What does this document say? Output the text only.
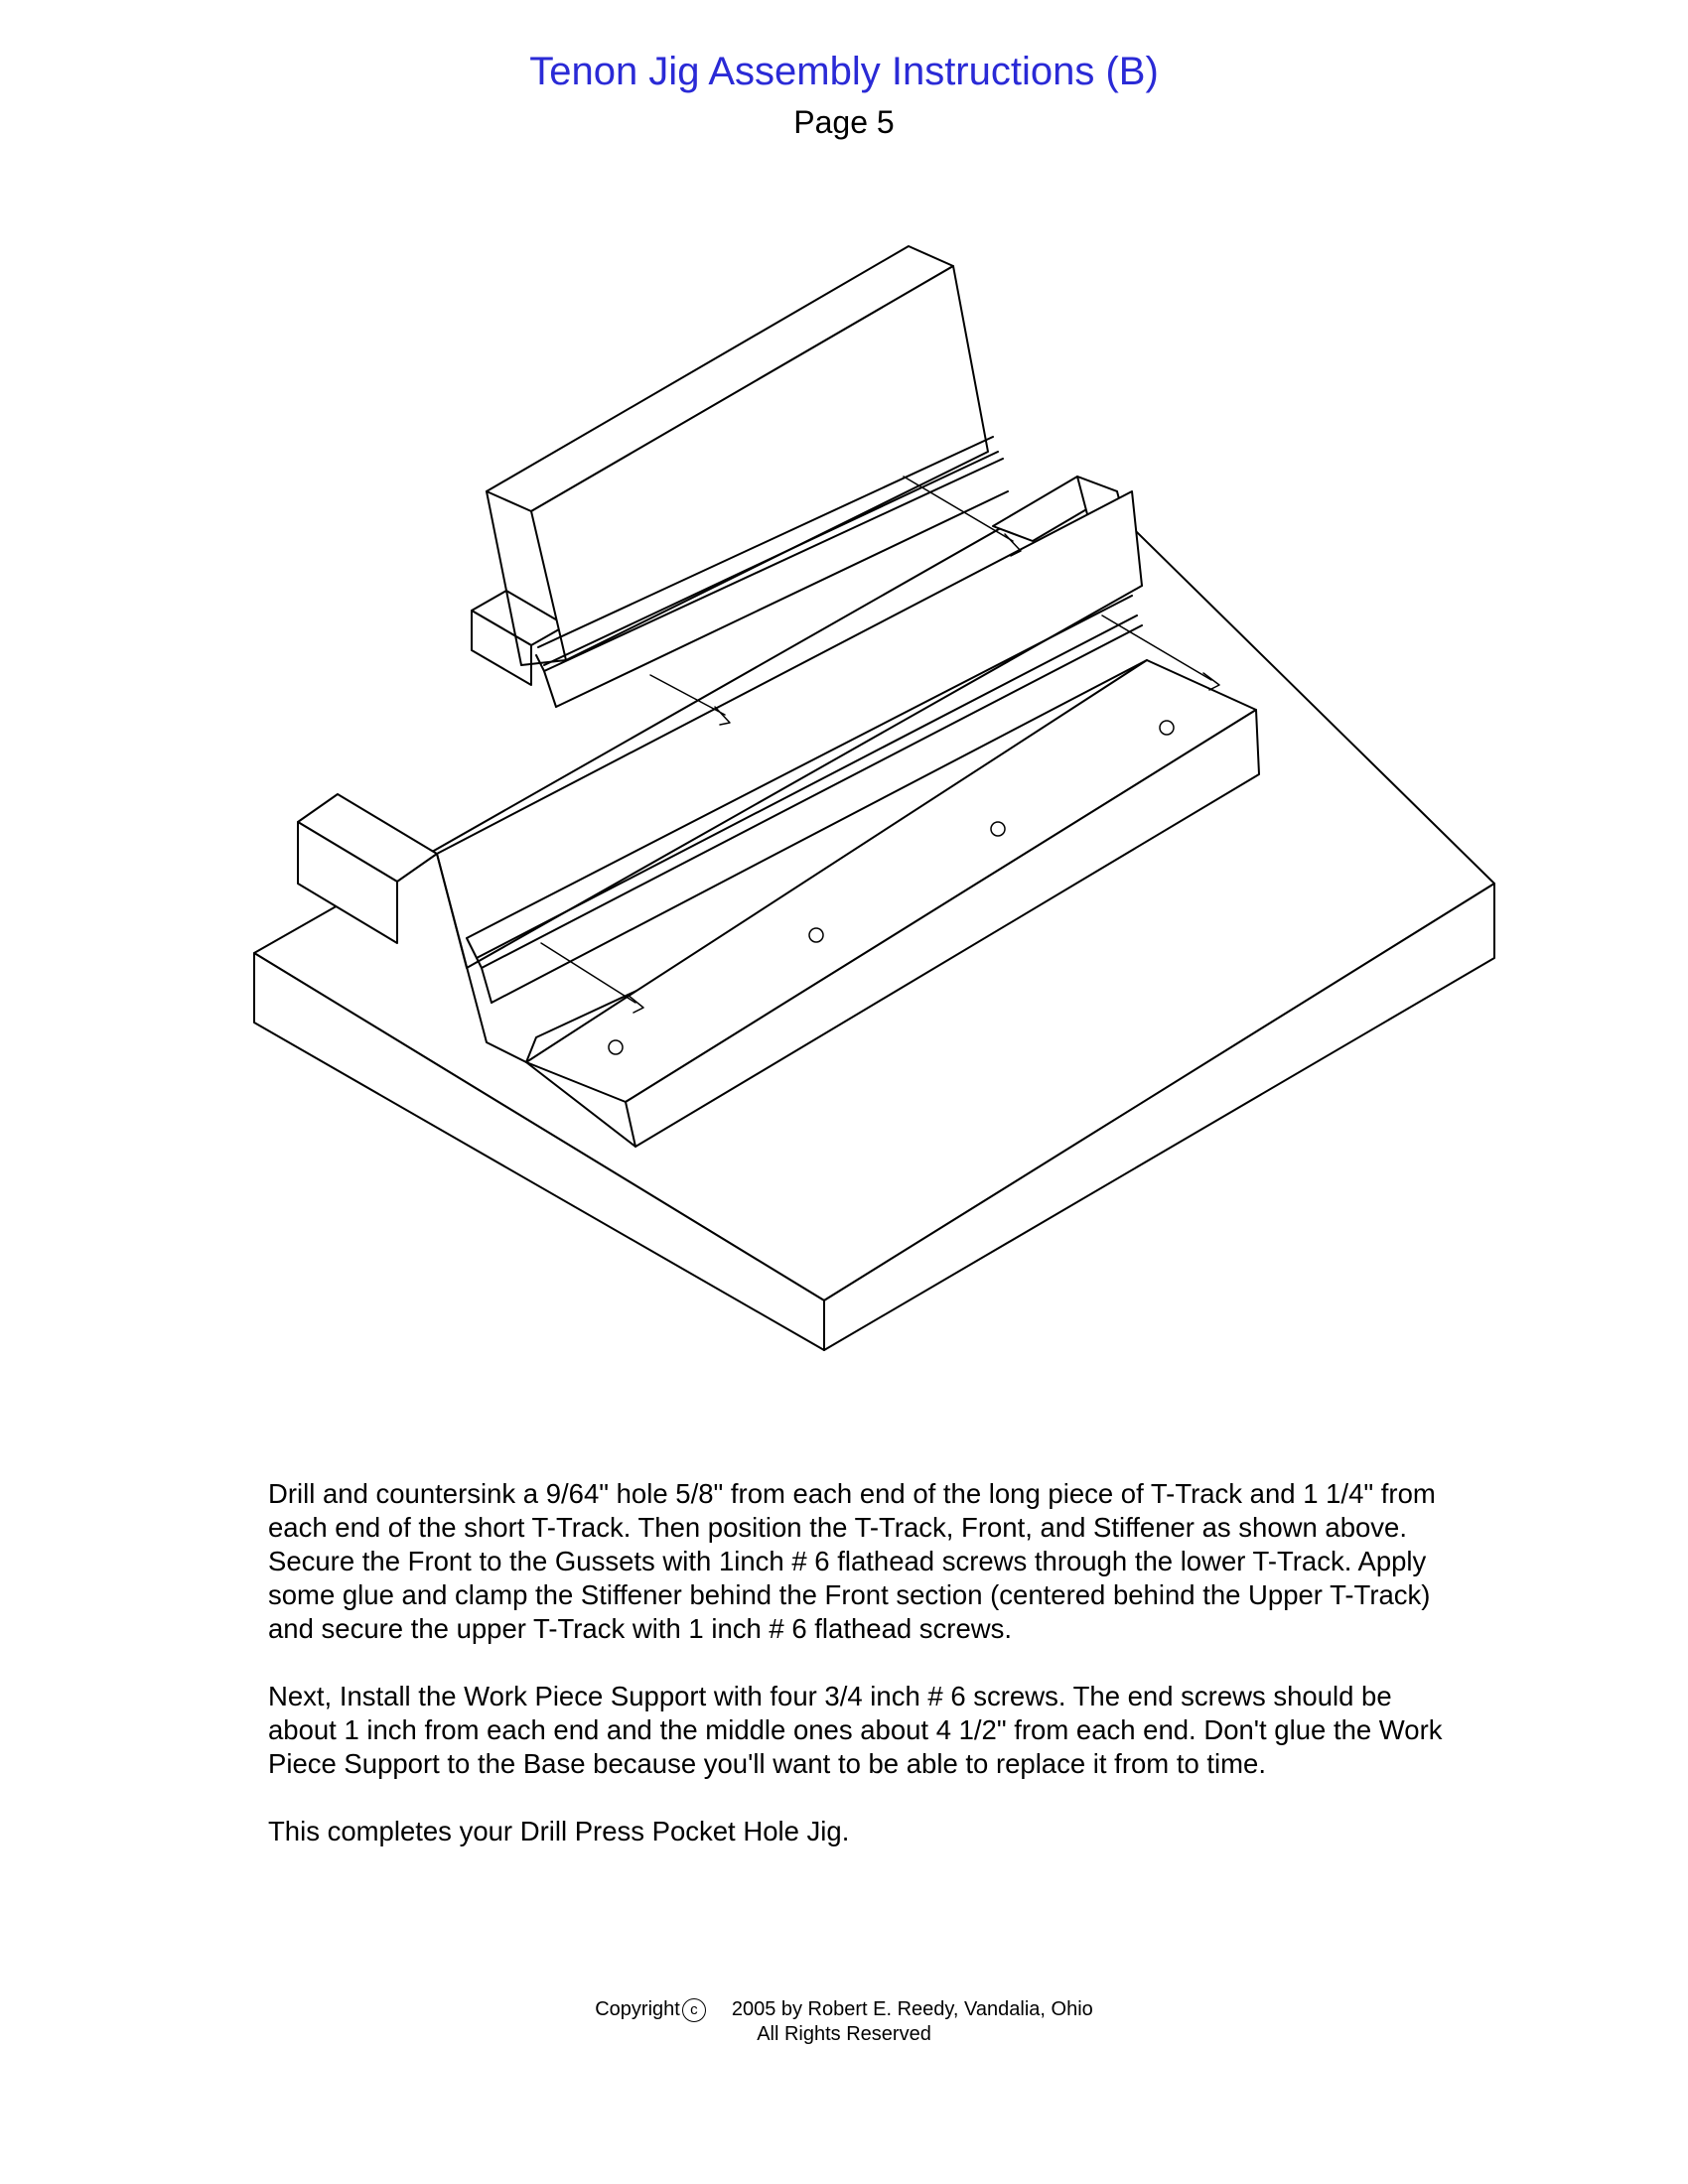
Tenon Jig Assembly Instructions (B)
Page 5

Drill and countersink a 9/64" hole 5/8" from each end of the long piece of T-Track and 1 1/4" from each end of the short T-Track. Then position the T-Track, Front, and Stiffener as shown above. Secure the Front to the Gussets with 1inch # 6 flathead screws through the lower T-Track. Apply some glue and clamp the Stiffener behind the Front section (centered behind the Upper T-Track) and secure the upper T-Track with 1 inch # 6 flathead screws.

Next, Install the Work Piece Support with four 3/4 inch # 6 screws. The end screws should be about 1 inch from each end and the middle ones about 4 1/2" from each end. Don't glue the Work Piece Support to the Base because you'll want to be able to replace it from to time.

This completes your Drill Press Pocket Hole Jig.

Copyright c 2005 by Robert E. Reedy, Vandalia, Ohio
All Rights Reserved
